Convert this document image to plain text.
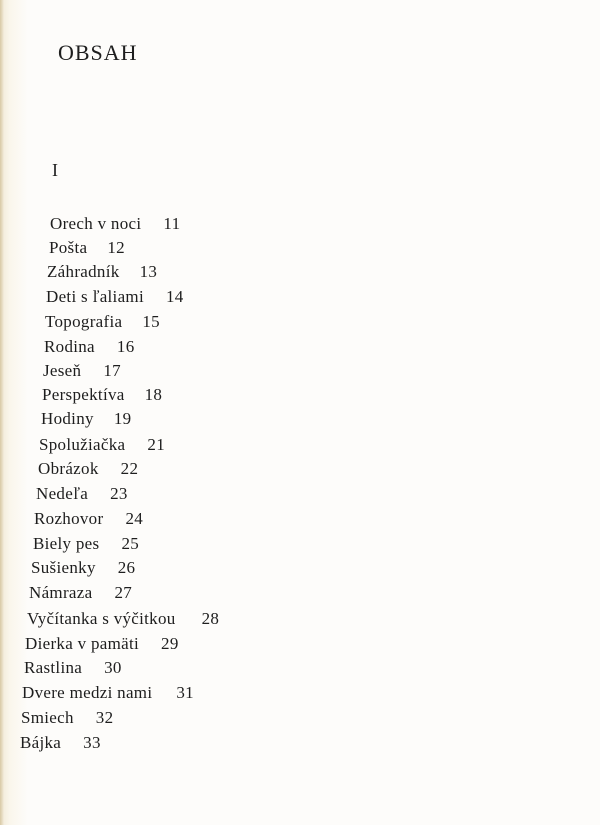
OBSAH
I
Orech v noci 11
Pošta 12
Záhradník 13
Deti s ľaliami 14
Topografia 15
Rodina 16
Jeseň 17
Perspektíva 18
Hodiny 19
Spolužiačka 21
Obrázok 22
Nedeľa 23
Rozhovor 24
Biely pes 25
Sušienky 26
Námraza 27
Vyčítanka s výčitkou 28
Dierka v pamäti 29
Rastlina 30
Dvere medzi nami 31
Smiech 32
Bájka 33
